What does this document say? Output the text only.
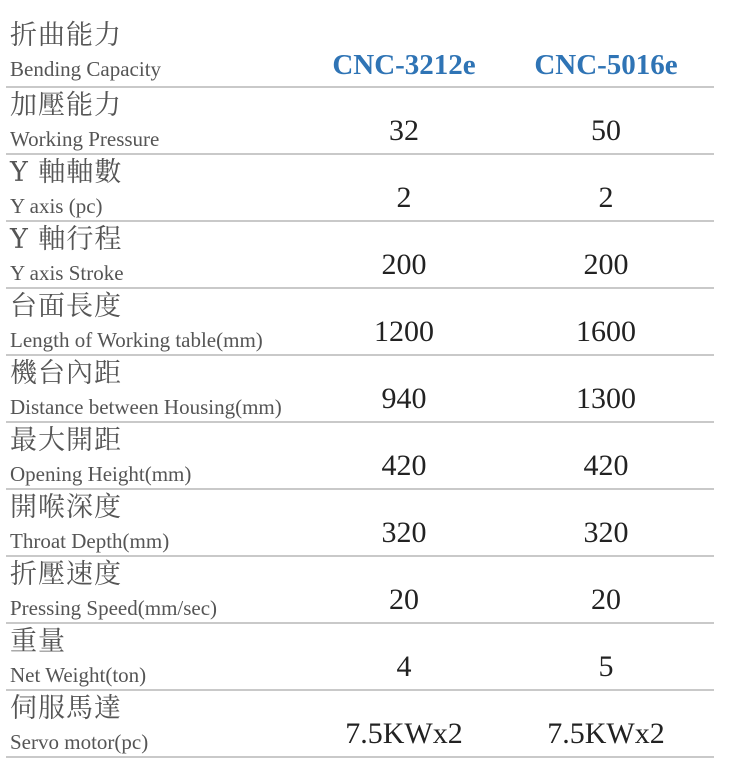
折曲能力
Bending Capacity	CNC-3212e	CNC-5016e
加壓能力
Working Pressure	32	50
Y 軸軸數
Y axis (pc)	2	2
Y 軸行程
Y axis Stroke	200	200
台面長度
Length of Working table(mm)	1200	1600
機台內距
Distance between Housing(mm)	940	1300
最大開距
Opening Height(mm)	420	420
開喉深度
Throat Depth(mm)	320	320
折壓速度
Pressing Speed(mm/sec)	20	20
重量
Net Weight(ton)	4	5
伺服馬達
Servo motor(pc)	7.5KWx2	7.5KWx2
